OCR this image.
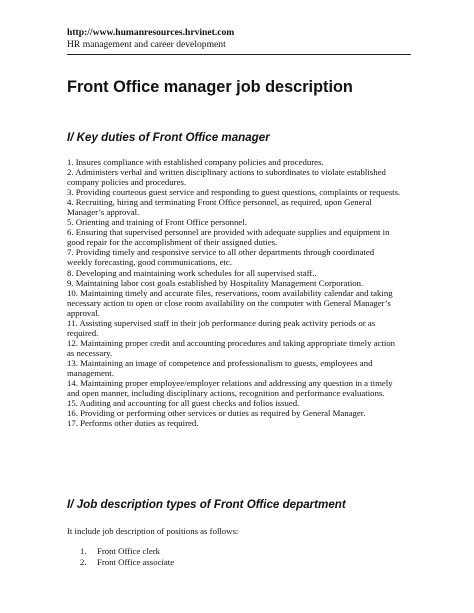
http://www.humanresources.hrvinet.com
HR management and career development
Front Office manager job description
I/ Key duties of Front Office manager

1. Insures compliance with established company policies and procedures.

2. Administers verbal and written disciplinary actions to subordinates to violate established company policies and procedures.

3. Providing courteous guest service and responding to guest questions, complaints or requests.

4. Recruiting, hiring and terminating Front Office personnel, as required, upon General Manager’s approval.

5. Orienting and training of Front Office personnel.

6. Ensuring that supervised personnel are provided with adequate supplies and equipment in good repair for the accomplishment of their assigned duties.

7. Providing timely and responsive service to all other departments through coordinated weekly forecasting, good communications, etc.

8. Developing and maintaining work schedules for all supervised staff..

9. Maintaining labor cost goals established by Hospitality Management Corporation.

10. Maintaining timely and accurate files, reservations, room availability calendar and taking necessary action to open or close room availability on the computer with General Manager’s approval.

11. Assisting supervised staff in their job performance during peak activity periods or as required.

12. Maintaining proper credit and accounting procedures and taking appropriate timely action as necessary.

13. Maintaining an image of competence and professionalism to guests, employees and management.

14. Maintaining proper employee/employer relations and addressing any question in a timely and open manner, including disciplinary actions, recognition and performance evaluations.

15. Auditing and accounting for all guest checks and folios issued.

16. Providing or performing other services or duties as required by General Manager.

17. Performs other duties as required.

I/ Job description types of Front Office department

It include job description of positions as follows:

1. Front Office clerk
2. Front Office associate
